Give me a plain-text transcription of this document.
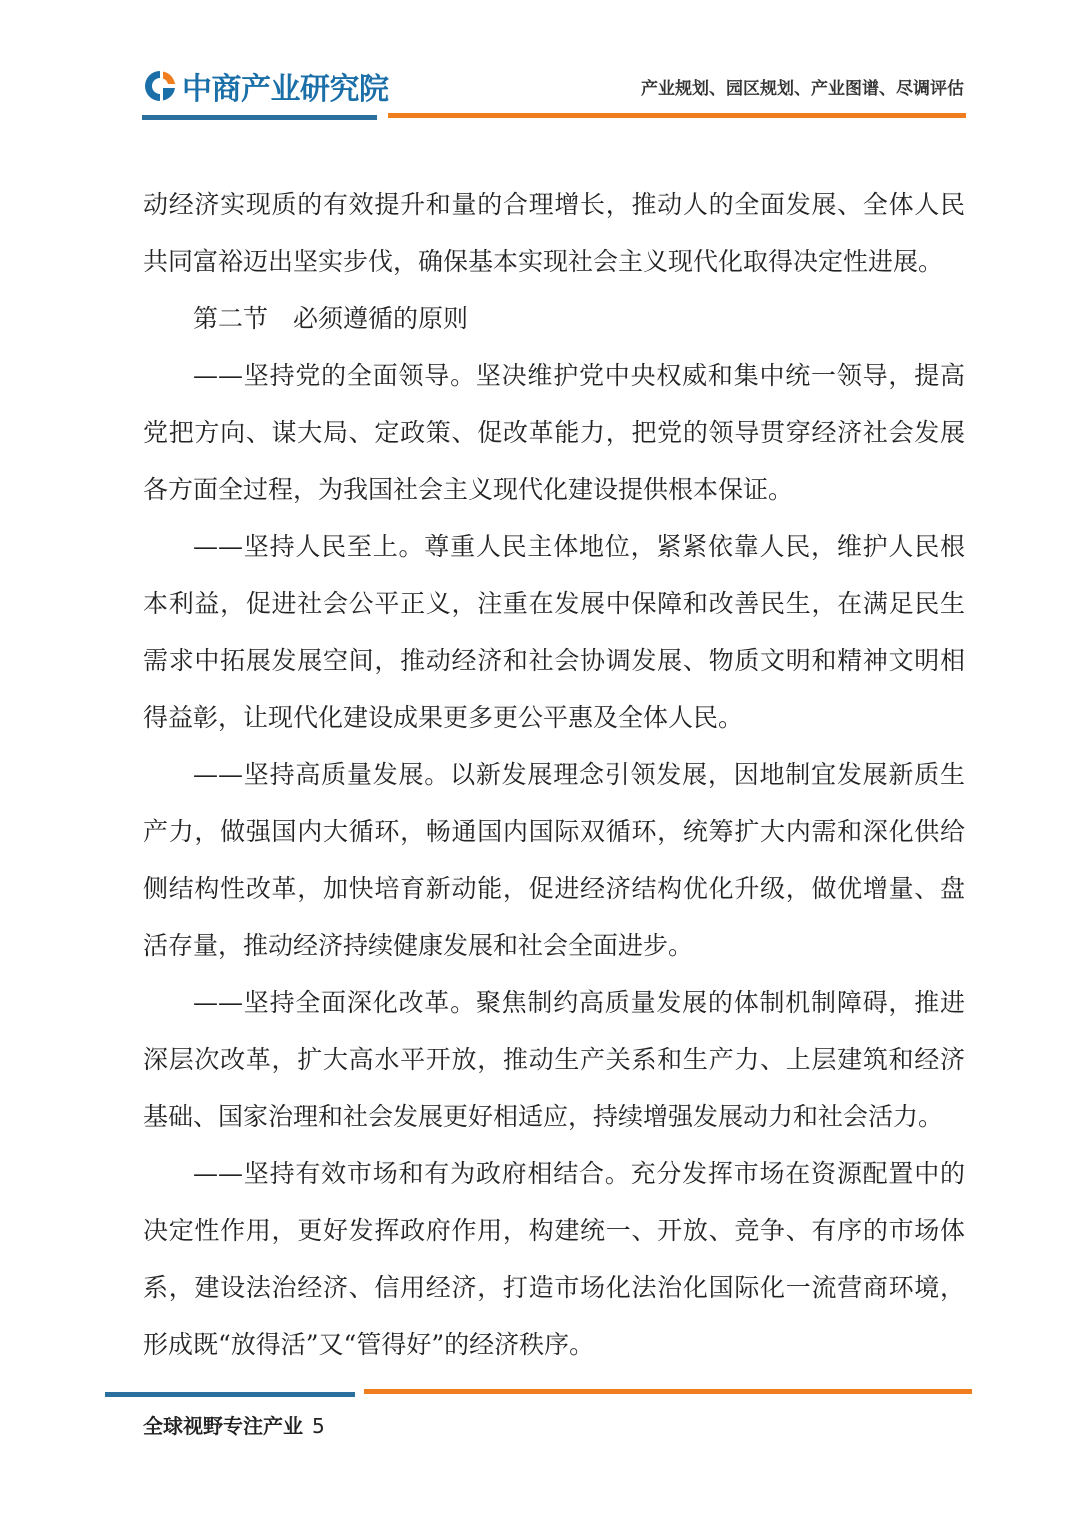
中商产业研究院	产业规划、园区规划、产业图谱、尽调评估

动经济实现质的有效提升和量的合理增长，推动人的全面发展、全体人民共同富裕迈出坚实步伐，确保基本实现社会主义现代化取得决定性进展。

第二节　必须遵循的原则

——坚持党的全面领导。坚决维护党中央权威和集中统一领导，提高党把方向、谋大局、定政策、促改革能力，把党的领导贯穿经济社会发展各方面全过程，为我国社会主义现代化建设提供根本保证。

——坚持人民至上。尊重人民主体地位，紧紧依靠人民，维护人民根本利益，促进社会公平正义，注重在发展中保障和改善民生，在满足民生需求中拓展发展空间，推动经济和社会协调发展、物质文明和精神文明相得益彰，让现代化建设成果更多更公平惠及全体人民。

——坚持高质量发展。以新发展理念引领发展，因地制宜发展新质生产力，做强国内大循环，畅通国内国际双循环，统筹扩大内需和深化供给侧结构性改革，加快培育新动能，促进经济结构优化升级，做优增量、盘活存量，推动经济持续健康发展和社会全面进步。

——坚持全面深化改革。聚焦制约高质量发展的体制机制障碍，推进深层次改革，扩大高水平开放，推动生产关系和生产力、上层建筑和经济基础、国家治理和社会发展更好相适应，持续增强发展动力和社会活力。

——坚持有效市场和有为政府相结合。充分发挥市场在资源配置中的决定性作用，更好发挥政府作用，构建统一、开放、竞争、有序的市场体系，建设法治经济、信用经济，打造市场化法治化国际化一流营商环境，形成既“放得活”又“管得好”的经济秩序。

全球视野专注产业 5
